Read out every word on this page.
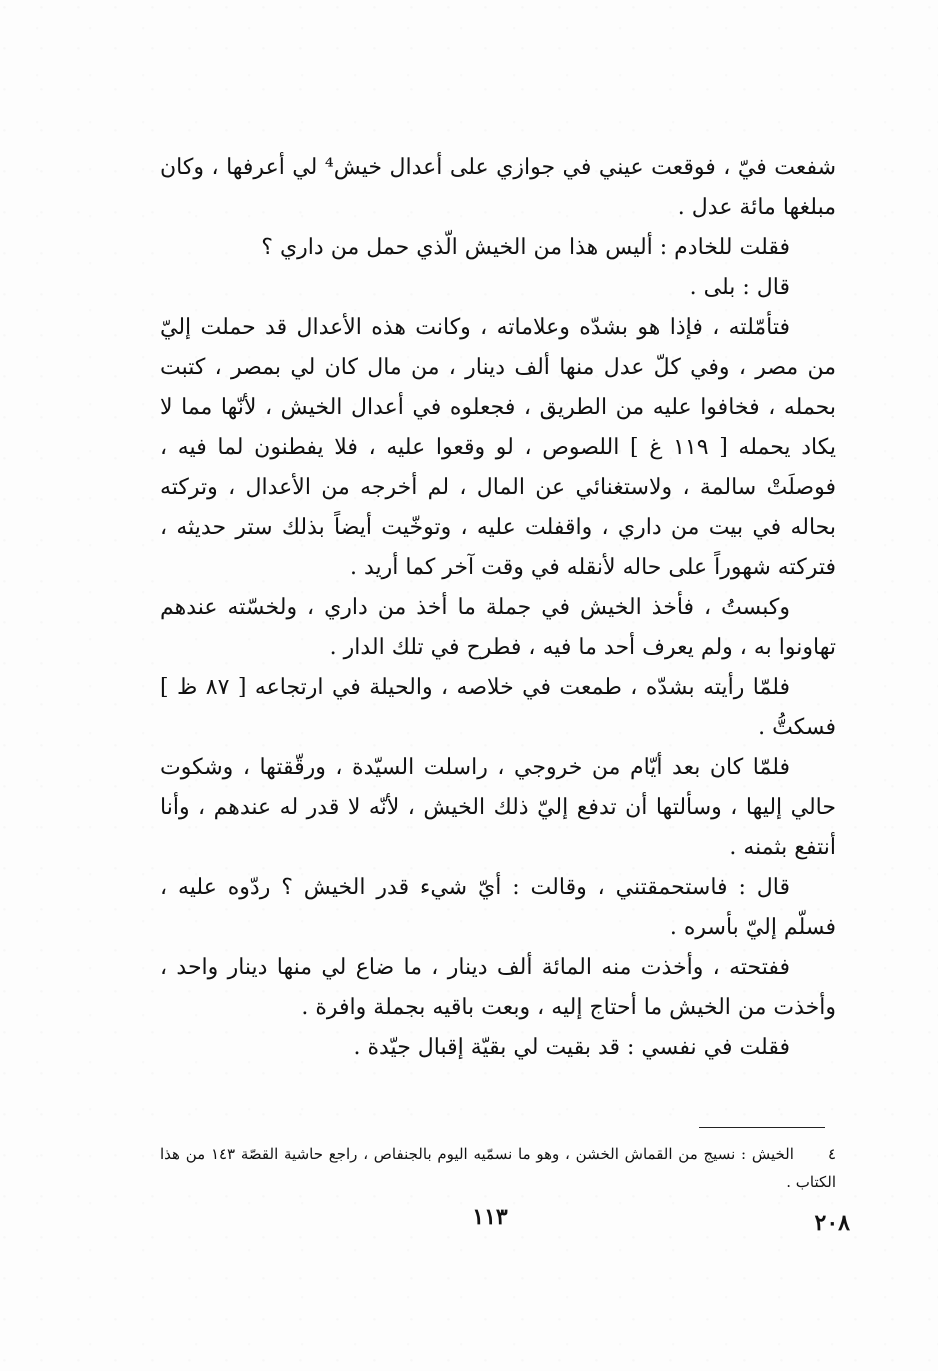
شفعت فيّ ، فوقعت عيني في جوازي على أعدال خيش⁴ لي أعرفها ، وكان مبلغها مائة عدل .

فقلت للخادم : أليس هذا من الخيش الّذي حمل من داري ؟

قال : بلى .

فتأمّلته ، فإذا هو بشدّه وعلاماته ، وكانت هذه الأعدال قد حملت إليّ من مصر ، وفي كلّ عدل منها ألف دينار ، من مال كان لي بمصر ، كتبت بحمله ، فخافوا عليه من الطريق ، فجعلوه في أعدال الخيش ، لأنّها مما لا يكاد يحمله [ ١١٩ غ ] اللصوص ، لو وقعوا عليه ، فلا يفطنون لما فيه ، فوصلَتْ سالمة ، ولاستغنائي عن المال ، لم أخرجه من الأعدال ، وتركته بحاله في بيت من داري ، واقفلت عليه ، وتوخّيت أيضاً بذلك ستر حديثه ، فتركته شهوراً على حاله لأنقله في وقت آخر كما أريد .

وكبستُ ، فأخذ الخيش في جملة ما أخذ من داري ، ولخسّته عندهم تهاونوا به ، ولم يعرف أحد ما فيه ، فطرح في تلك الدار .

فلمّا رأيته بشدّه ، طمعت في خلاصه ، والحيلة في ارتجاعه [ ٨٧ ظ ] فسكتُّ .

فلمّا كان بعد أيّام من خروجي ، راسلت السيّدة ، ورقّقتها ، وشكوت حالي إليها ، وسألتها أن تدفع إليّ ذلك الخيش ، لأنّه لا قدر له عندهم ، وأنا أنتفع بثمنه .

قال : فاستحمقتني ، وقالت : أيّ شيء قدر الخيش ؟ ردّوه عليه ، فسلّم إليّ بأسره .

ففتحته ، وأخذت منه المائة ألف دينار ، ما ضاع لي منها دينار واحد ، وأخذت من الخيش ما أحتاج إليه ، وبعت باقيه بجملة وافرة .

فقلت في نفسي : قد بقيت لي بقيّة إقبال جيّدة .

٤الخيش : نسيج من القماش الخشن ، وهو ما نسمّيه اليوم بالجنفاص ، راجع حاشية القصّة ١٤٣ من هذا الكتاب .
١١٣	٢٠٨
